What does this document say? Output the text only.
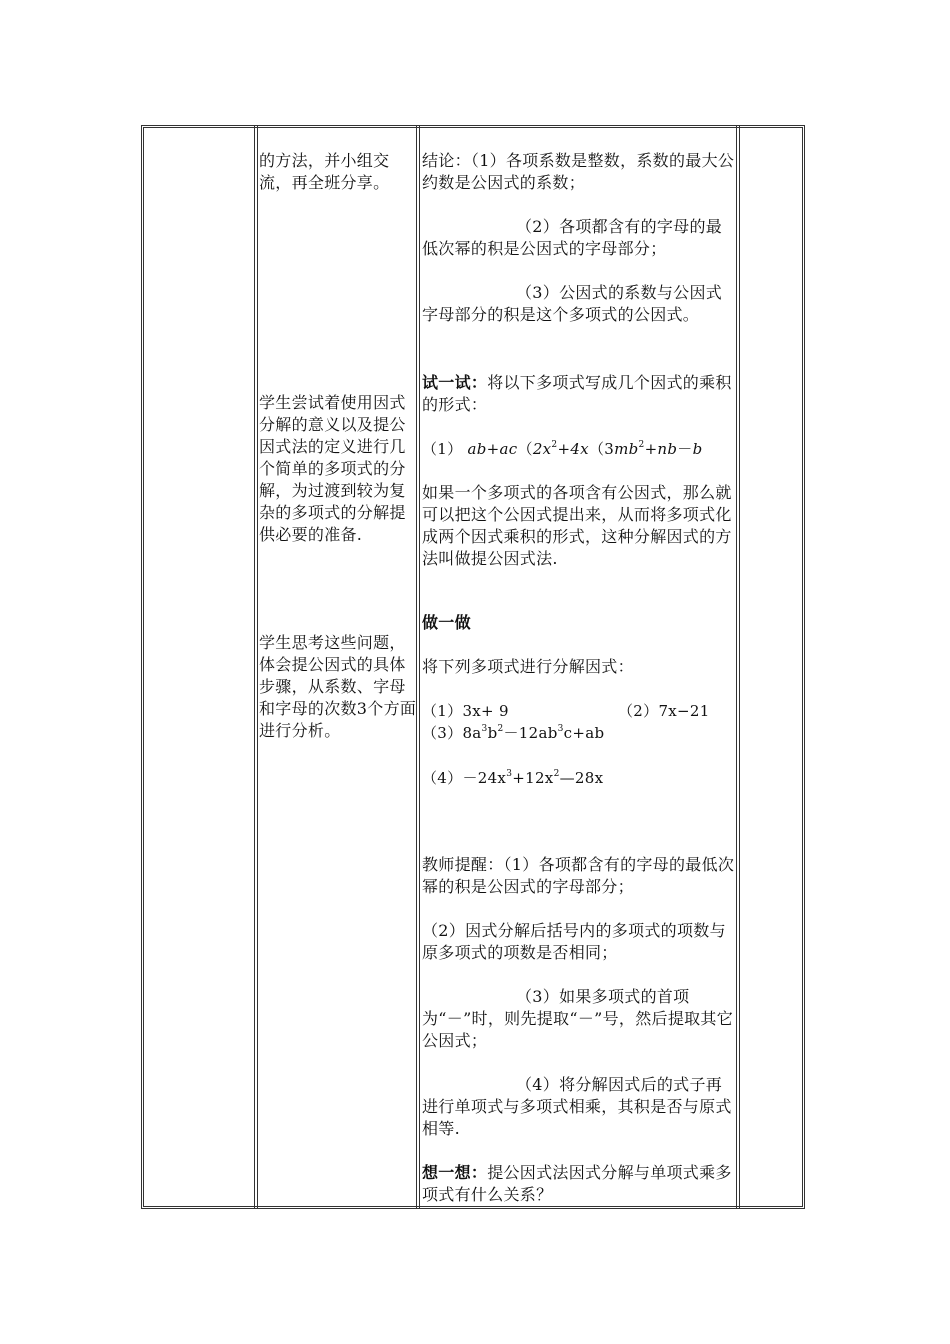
的方法，并小组交流，再全班分享。

学生尝试着使用因式分解的意义以及提公因式法的定义进行几个简单的多项式的分解，为过渡到较为复杂的多项式的分解提供必要的准备.

学生思考这些问题，体会提公因式的具体步骤，从系数、字母和字母的次数3个方面进行分析。

结论：（1）各项系数是整数，系数的最大公约数是公因式的系数；

（2）各项都含有的字母的最低次幂的积是公因式的字母部分；

（3）公因式的系数与公因式字母部分的积是这个多项式的公因式。

试一试：将以下多项式写成几个因式的乘积的形式：

（1） $ab+ac(2x^2+4x(3mb^2+nb-b$

如果一个多项式的各项含有公因式，那么就可以把这个公因式提出来，从而将多项式化成两个因式乘积的形式，这种分解因式的方法叫做提公因式法.

做一做

将下列多项式进行分解因式：

（1）3x+ 9	（2）7x−21

$(3)8a^3b^2-12ab^3c+ab$

$(4)-24x^3+12x^2—28x$

教师提醒：（1）各项都含有的字母的最低次幂的积是公因式的字母部分；

（2）因式分解后括号内的多项式的项数与原多项式的项数是否相同；

（3）如果多项式的首项为“－”时，则先提取“－”号，然后提取其它公因式；

（4）将分解因式后的式子再进行单项式与多项式相乘，其积是否与原式相等.

想一想：提公因式法因式分解与单项式乘多项式有什么关系？
